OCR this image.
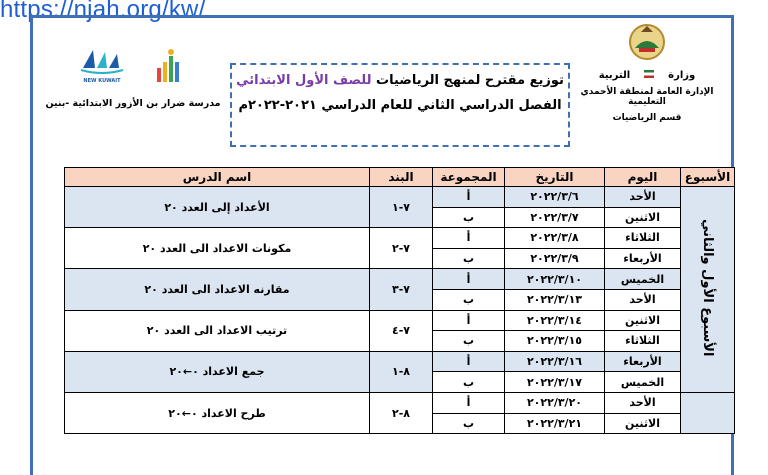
https://njah.org/kw/
وزارة
التربية
الإدارة العامة لمنطقة الأحمدي التعليمية
قسم الرياضيات
توزيع مقترح لمنهج الرياضيات للصف الأول الابتدائي
الفصل الدراسي الثاني للعام الدراسي ٢٠٢١-٢٠٢٢م
NEW KUWAIT
مدرسة ضرار بن الأزور الابتدائية -بنين
الأسبوع	اليوم	التاريخ	المجموعة	البند	اسم الدرس
الأسبوع الأول والثاني	الأحد	٢٠٢٢/٣/٦	أ	٧-١	الأعداد إلى العدد ٢٠
	الاثنين	٢٠٢٢/٣/٧	ب		
	الثلاثاء	٢٠٢٢/٣/٨	أ	٧-٢	مكونات الاعداد الى العدد ٢٠
	الأربعاء	٢٠٢٢/٣/٩	ب		
	الخميس	٢٠٢٢/٣/١٠	أ	٧-٣	مقارنه الاعداد الى العدد ٢٠
	الأحد	٢٠٢٢/٣/١٣	ب		
	الاثنين	٢٠٢٢/٣/١٤	أ	٧-٤	ترتيب الاعداد الى العدد ٢٠
	الثلاثاء	٢٠٢٢/٣/١٥	ب		
	الأربعاء	٢٠٢٢/٣/١٦	أ	٨-١	جمع الاعداد ٠←٢٠
	الخميس	٢٠٢٢/٣/١٧	ب		
	الأحد	٢٠٢٢/٣/٢٠	أ	٨-٢	طرح الاعداد ٠←٢٠
	الاثنين	٢٠٢٢/٣/٢١	ب		
